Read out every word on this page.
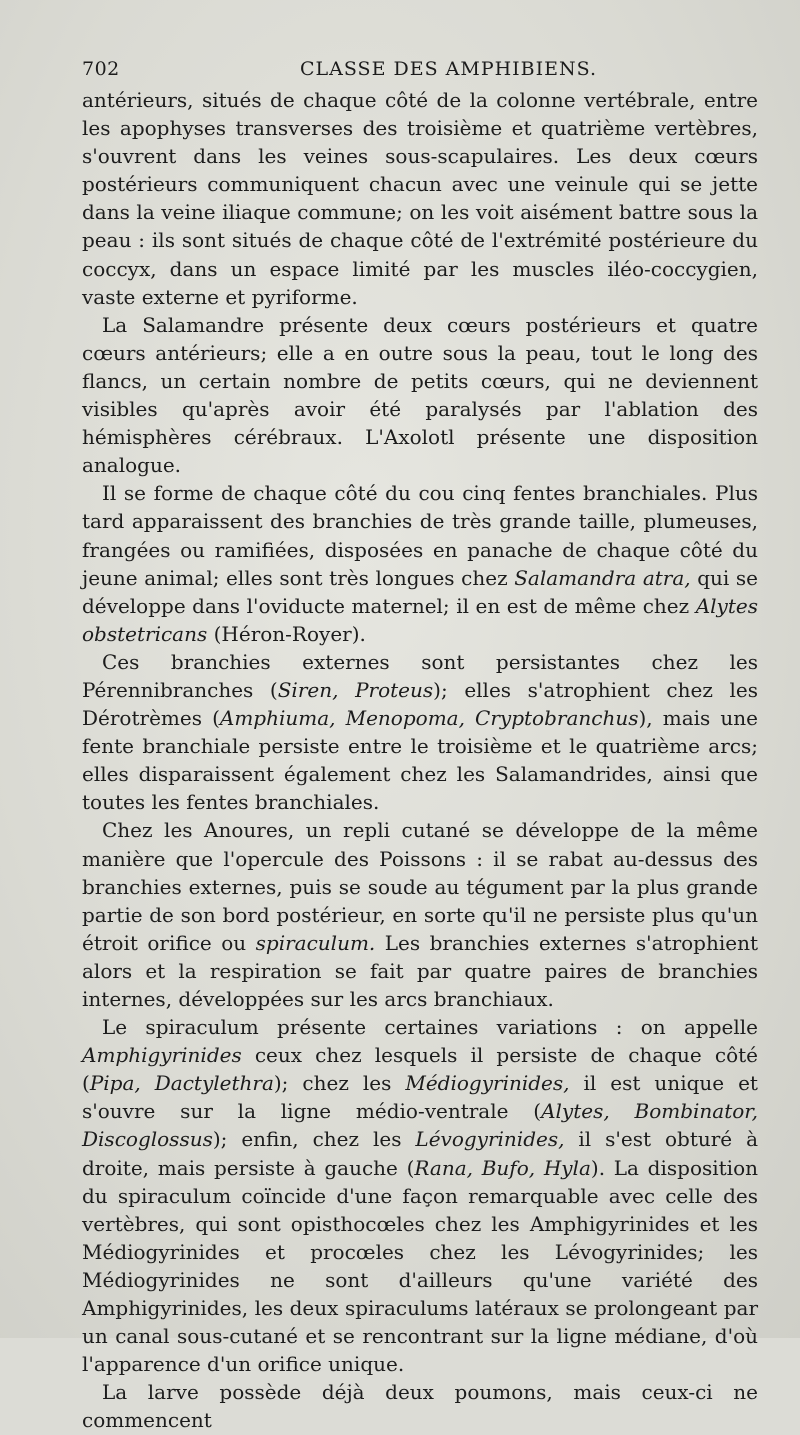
702	CLASSE DES AMPHIBIENS.

antérieurs, situés de chaque côté de la colonne vertébrale, entre les apophyses transverses des troisième et quatrième vertèbres, s'ouvrent dans les veines sous-scapulaires. Les deux cœurs postérieurs communiquent chacun avec une veinule qui se jette dans la veine iliaque commune; on les voit aisément battre sous la peau : ils sont situés de chaque côté de l'extrémité postérieure du coccyx, dans un espace limité par les muscles iléo-coccygien, vaste externe et pyriforme.

La Salamandre présente deux cœurs postérieurs et quatre cœurs antérieurs; elle a en outre sous la peau, tout le long des flancs, un certain nombre de petits cœurs, qui ne deviennent visibles qu'après avoir été paralysés par l'ablation des hémisphères cérébraux. L'Axolotl présente une disposition analogue.

Il se forme de chaque côté du cou cinq fentes branchiales. Plus tard apparaissent des branchies de très grande taille, plumeuses, frangées ou ramifiées, disposées en panache de chaque côté du jeune animal; elles sont très longues chez Salamandra atra, qui se développe dans l'oviducte maternel; il en est de même chez Alytes obstetricans (Héron-Royer).

Ces branchies externes sont persistantes chez les Pérennibranches (Siren, Proteus); elles s'atrophient chez les Dérotrèmes (Amphiuma, Menopoma, Cryptobranchus), mais une fente branchiale persiste entre le troisième et le quatrième arcs; elles disparaissent également chez les Salamandrides, ainsi que toutes les fentes branchiales.

Chez les Anoures, un repli cutané se développe de la même manière que l'opercule des Poissons : il se rabat au-dessus des branchies externes, puis se soude au tégument par la plus grande partie de son bord postérieur, en sorte qu'il ne persiste plus qu'un étroit orifice ou spiraculum. Les branchies externes s'atrophient alors et la respiration se fait par quatre paires de branchies internes, développées sur les arcs branchiaux.

Le spiraculum présente certaines variations : on appelle Amphigyrinides ceux chez lesquels il persiste de chaque côté (Pipa, Dactylethra); chez les Médiogyrinides, il est unique et s'ouvre sur la ligne médio-ventrale (Alytes, Bombinator, Discoglossus); enfin, chez les Lévogyrinides, il s'est obturé à droite, mais persiste à gauche (Rana, Bufo, Hyla). La disposition du spiraculum coïncide d'une façon remarquable avec celle des vertèbres, qui sont opisthocœles chez les Amphigyrinides et les Médiogyrinides et procœles chez les Lévogyrinides; les Médiogyrinides ne sont d'ailleurs qu'une variété des Amphigyrinides, les deux spiraculums latéraux se prolongeant par un canal sous-cutané et se rencontrant sur la ligne médiane, d'où l'apparence d'un orifice unique.

La larve possède déjà deux poumons, mais ceux-ci ne commencent
